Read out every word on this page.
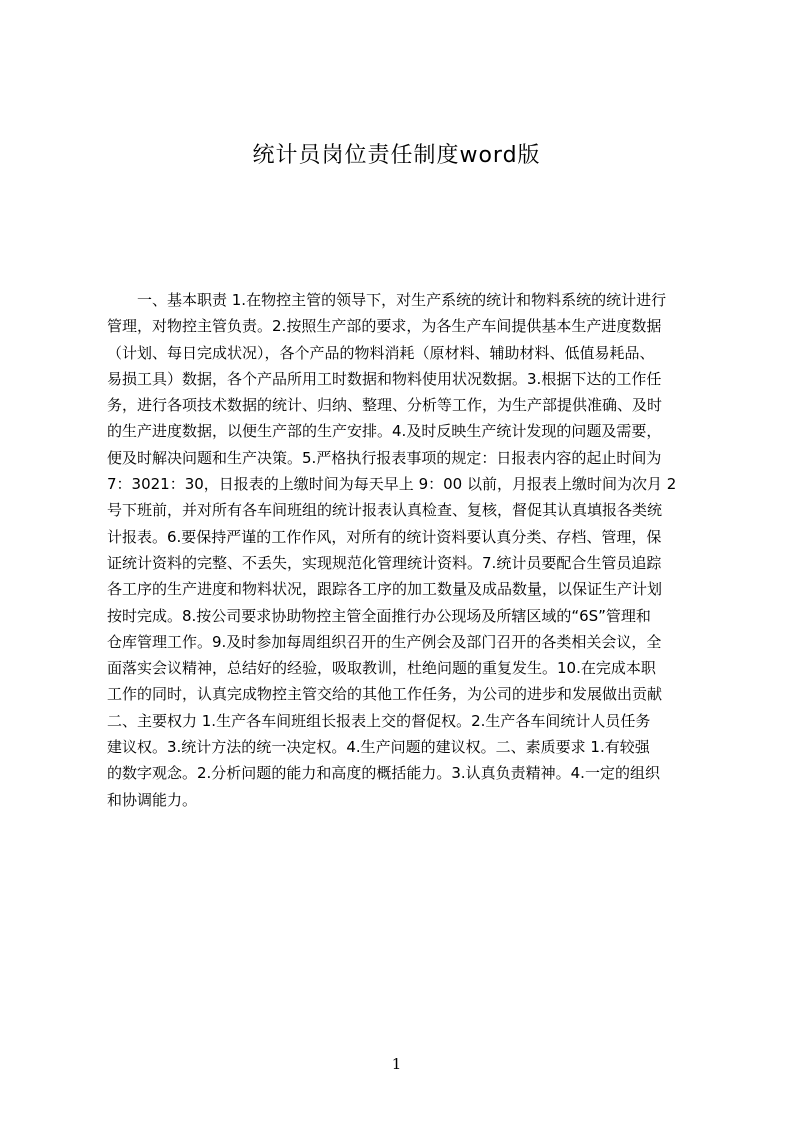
统计员岗位责任制度word版
一、基本职责 1.在物控主管的领导下，对生产系统的统计和物料系统的统计进行
管理，对物控主管负责。2.按照生产部的要求，为各生产车间提供基本生产进度数据
（计划、每日完成状况），各个产品的物料消耗（原材料、辅助材料、低值易耗品、
易损工具）数据，各个产品所用工时数据和物料使用状况数据。3.根据下达的工作任
务，进行各项技术数据的统计、归纳、整理、分析等工作，为生产部提供准确、及时
的生产进度数据，以便生产部的生产安排。4.及时反映生产统计发现的问题及需要，
便及时解决问题和生产决策。5.严格执行报表事项的规定：日报表内容的起止时间为
7：3021：30，日报表的上缴时间为每天早上 9：00 以前，月报表上缴时间为次月 2
号下班前，并对所有各车间班组的统计报表认真检查、复核，督促其认真填报各类统
计报表。6.要保持严谨的工作作风，对所有的统计资料要认真分类、存档、管理，保
证统计资料的完整、不丢失，实现规范化管理统计资料。7.统计员要配合生管员追踪
各工序的生产进度和物料状况，跟踪各工序的加工数量及成品数量，以保证生产计划
按时完成。8.按公司要求协助物控主管全面推行办公现场及所辖区域的“6S”管理和
仓库管理工作。9.及时参加每周组织召开的生产例会及部门召开的各类相关会议，全
面落实会议精神，总结好的经验，吸取教训，杜绝问题的重复发生。10.在完成本职
工作的同时，认真完成物控主管交给的其他工作任务，为公司的进步和发展做出贡献
二、主要权力 1.生产各车间班组长报表上交的督促权。2.生产各车间统计人员任务
建议权。3.统计方法的统一决定权。4.生产问题的建议权。二、素质要求 1.有较强
的数字观念。2.分析问题的能力和高度的概括能力。3.认真负责精神。4.一定的组织
和协调能力。
1
